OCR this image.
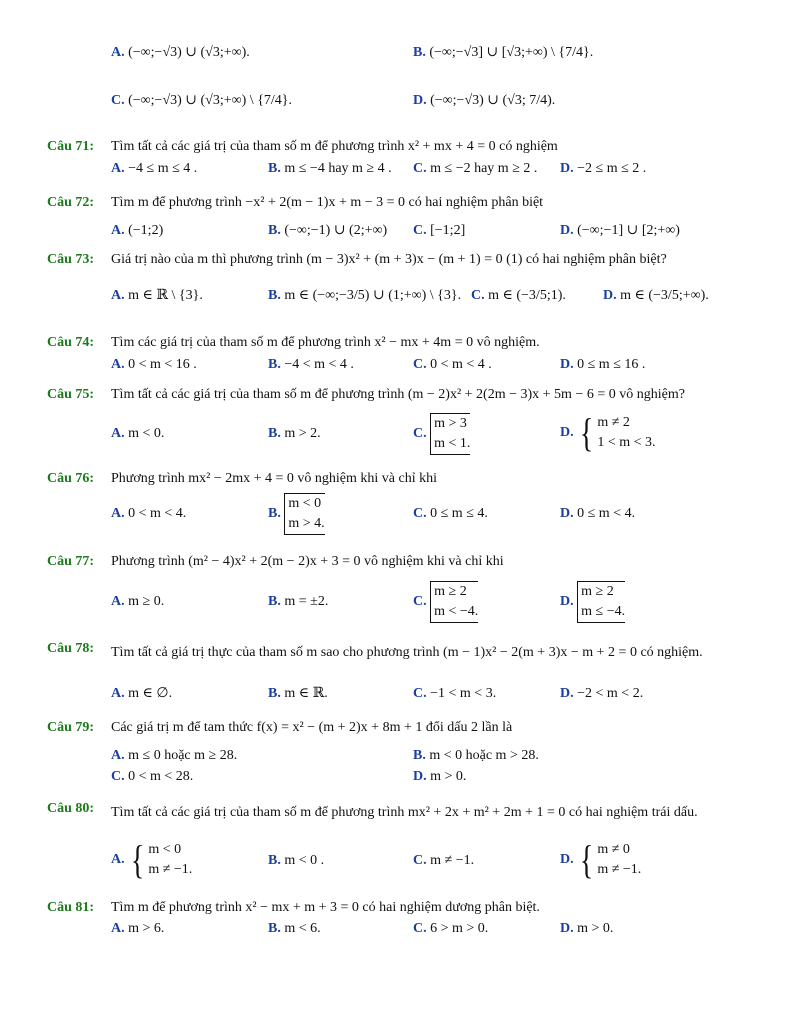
A. (−∞;−√3) ∪ (√3;+∞).	B. (−∞;−√3] ∪ [√3;+∞) \ {7/4}.
C. (−∞;−√3) ∪ (√3;+∞) \ {7/4}.	D. (−∞;−√3) ∪ (√3; 7/4).
Câu 71: Tìm tất cả các giá trị của tham số m để phương trình x² + mx + 4 = 0 có nghiệm
A. −4 ≤ m ≤ 4 .	B. m ≤ −4 hay m ≥ 4 . C. m ≤ −2 hay m ≥ 2 . D. −2 ≤ m ≤ 2 .
Câu 72: Tìm m để phương trình −x² + 2(m − 1)x + m − 3 = 0 có hai nghiệm phân biệt
A. (−1;2)	B. (−∞;−1) ∪ (2;+∞) C. [−1;2]	D. (−∞;−1] ∪ [2;+∞)
Câu 73: Giá trị nào của m thì phương trình (m − 3)x² + (m + 3)x − (m + 1) = 0 (1) có hai nghiệm phân biệt?
A. m ∈ ℝ \ {3}.	B. m ∈ (−∞;−3/5) ∪ (1;+∞) \ {3}. C. m ∈ (−3/5;1).	D. m ∈ (−3/5;+∞).
Câu 74: Tìm các giá trị của tham số m để phương trình x² − mx + 4m = 0 vô nghiệm.
A. 0 < m < 16 .	B. −4 < m < 4 .	C. 0 < m < 4 .	D. 0 ≤ m ≤ 16 .
Câu 75: Tìm tất cả các giá trị của tham số m để phương trình (m − 2)x² + 2(2m − 3)x + 5m − 6 = 0 vô nghiệm?
A. m < 0.	B. m > 2.	C.
m > 3
m < 1.
D. { m ≠ 2
1 < m < 3.
Câu 76: Phương trình mx² − 2mx + 4 = 0 vô nghiệm khi và chỉ khi
A. 0 < m < 4.	B.
m < 0
m > 4.
C. 0 ≤ m ≤ 4.	D. 0 ≤ m < 4.
Câu 77: Phương trình (m² − 4)x² + 2(m − 2)x + 3 = 0 vô nghiệm khi và chỉ khi
A. m ≥ 0.	B. m = ±2.	C.
m ≥ 2
m < −4.
D.
m ≥ 2
m ≤ −4.
Câu 78: Tìm tất cả giá trị thực của tham số m sao cho phương trình (m − 1)x² − 2(m + 3)x − m + 2 = 0 có nghiệm.
A. m ∈ ∅.	B. m ∈ ℝ.	C. −1 < m < 3.	D. −2 < m < 2.
Câu 79: Các giá trị m để tam thức f(x) = x² − (m + 2)x + 8m + 1 đổi dấu 2 lần là
A. m ≤ 0 hoặc m ≥ 28.	B. m < 0 hoặc m > 28.
C. 0 < m < 28.	D. m > 0.
Câu 80: Tìm tất cả các giá trị của tham số m để phương trình mx² + 2x + m² + 2m + 1 = 0 có hai nghiệm trái dấu.
A. { m < 0
m ≠ −1.
B. m < 0 .	C. m ≠ −1.	D. { m ≠ 0
m ≠ −1.
Câu 81: Tìm m để phương trình x² − mx + m + 3 = 0 có hai nghiệm dương phân biệt.
A. m > 6.	B. m < 6.	C. 6 > m > 0.	D. m > 0.
